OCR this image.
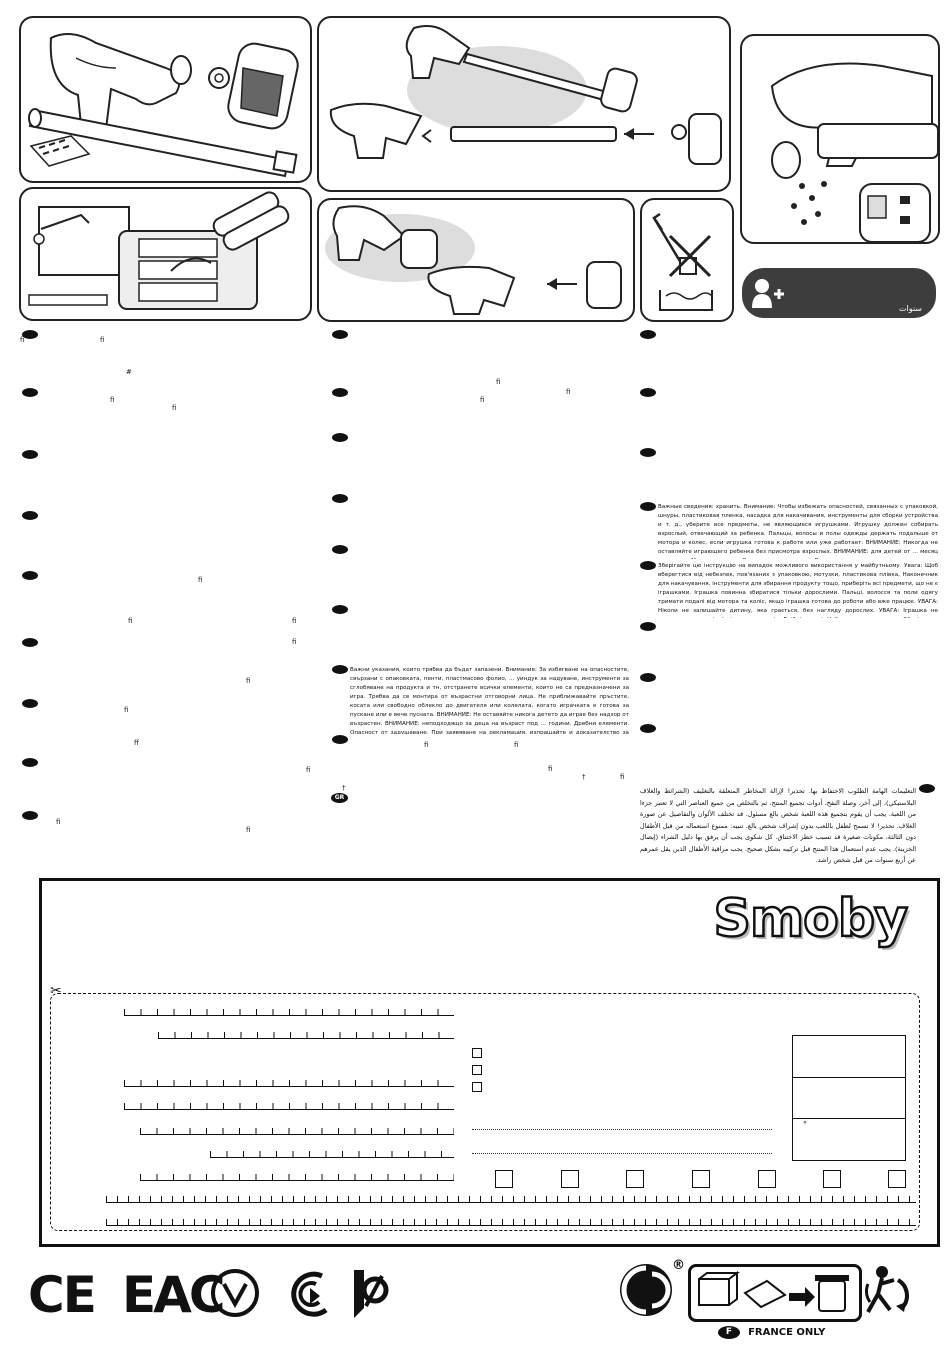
سنوات
ﬁ	ﬁ
#
ﬁ
ﬁ
ﬁ
ﬁ	ﬁ
ﬁ
ﬁ
ﬁ
ﬀ
ﬁ
ﬁ
ﬁ
ﬁ
ﬁ
ﬁ
ﬁ	ﬁ
ﬁ
†	ﬁ
†
GR
Важни указания, които трябва да бъдат запазени. Внимание: За избягване на опасностите, свързани с опаковката, пенти, пластмасово фолио, ... уиндук за надуване, инструменти за сглобяване на продукта и тн, отстранете всички елементи, които не са предназначени за игра. Трябва да се монтира от възрастни отговорни лица. Не приближавайте пръстите, косата или свободно облекло до двигателя или колелата, когато играчката е готова за пускане или е вече пусната. ВНИМАНИЕ: Не оставяйте никога детето да играе без надзор от възрастен. ВНИМАНИЕ: неподходящо за деца на възраст под ... години. Дребни елементи. Опасност от задушаване. При заявяване на рекламация, изпращайте и доказателство за
Важные сведения: хранить. Внимание: Чтобы избежать опасностей, связанных с упаковкой, шнуры, пластиковая пленка, насадка для накачивания, инструменты для сборки устройства и т. д., уберите все предметы, не являющиеся игрушками. Игрушку должен собирать взрослый, отвечающий за ребенка. Пальцы, волосы и полы одежды держать подальше от мотора и колес, если игрушка готова к работе или уже работает. ВНИМАНИЕ: Никогда не оставляйте играющего ребенка без присмотра взрослых. ВНИМАНИЕ: для детей от ... месяц
Зберігайте цю інструкцію на випадок можливого використання у майбутньому. Увага: Щоб вберегтися від небезпек, пов'язаних з упаковкою, мотузки, пластикова плівка, Наконечник для накачування, інструменти для збирання продукту тощо, приберіть всі предмети, що не є іграшками. Іграшка повинна збиратися тільки дорослими. Пальці, волосся та поли одягу тримати подалі від мотора та коліс, якщо іграшка готова до роботи або вже працює. УВАГА: Ніколи не залишайте дитину, яка грається, без нагляду дорослих. УВАГА: Іграшка не
التعليمات الهامة الطلوب الاحتفاظ بها. تحذير! لإزالة المخاطر المتعلقة بالتغليف (الشرائط والغلاف البلاستيكي)، إلى آخر، وصلة النفخ، أدوات تجميع المنتج، ثم بالتخلص من جميع العناصر التي لا تعتبر جزءا من اللعبة. يجب أن يقوم بتجميع هذه اللعبة شخص بالغ مسئول. قد تختلف الألوان والتفاصيل عن صورة الغلاف. تحذير! لا تسمح لطفل باللعب بدون إشراف شخص بالغ. تنبيه: ممنوع استعماله من قبل الأطفال دون الثالثة، مكونات صغيرة قد تسبب خطر الاختناق. كل شكوى يجب أن يرفق بها دليل الشراء (إيصال الخزينة). يجب عدم استعمال هذا المنتج قبل تركيبه بشكل صحيح. يجب مراقبة الأطفال الذين يقل عمرهم عن أربع سنوات من قبل شخص راشد.
Smoby
✂
°
CE EAC
®
F FRANCE ONLY
